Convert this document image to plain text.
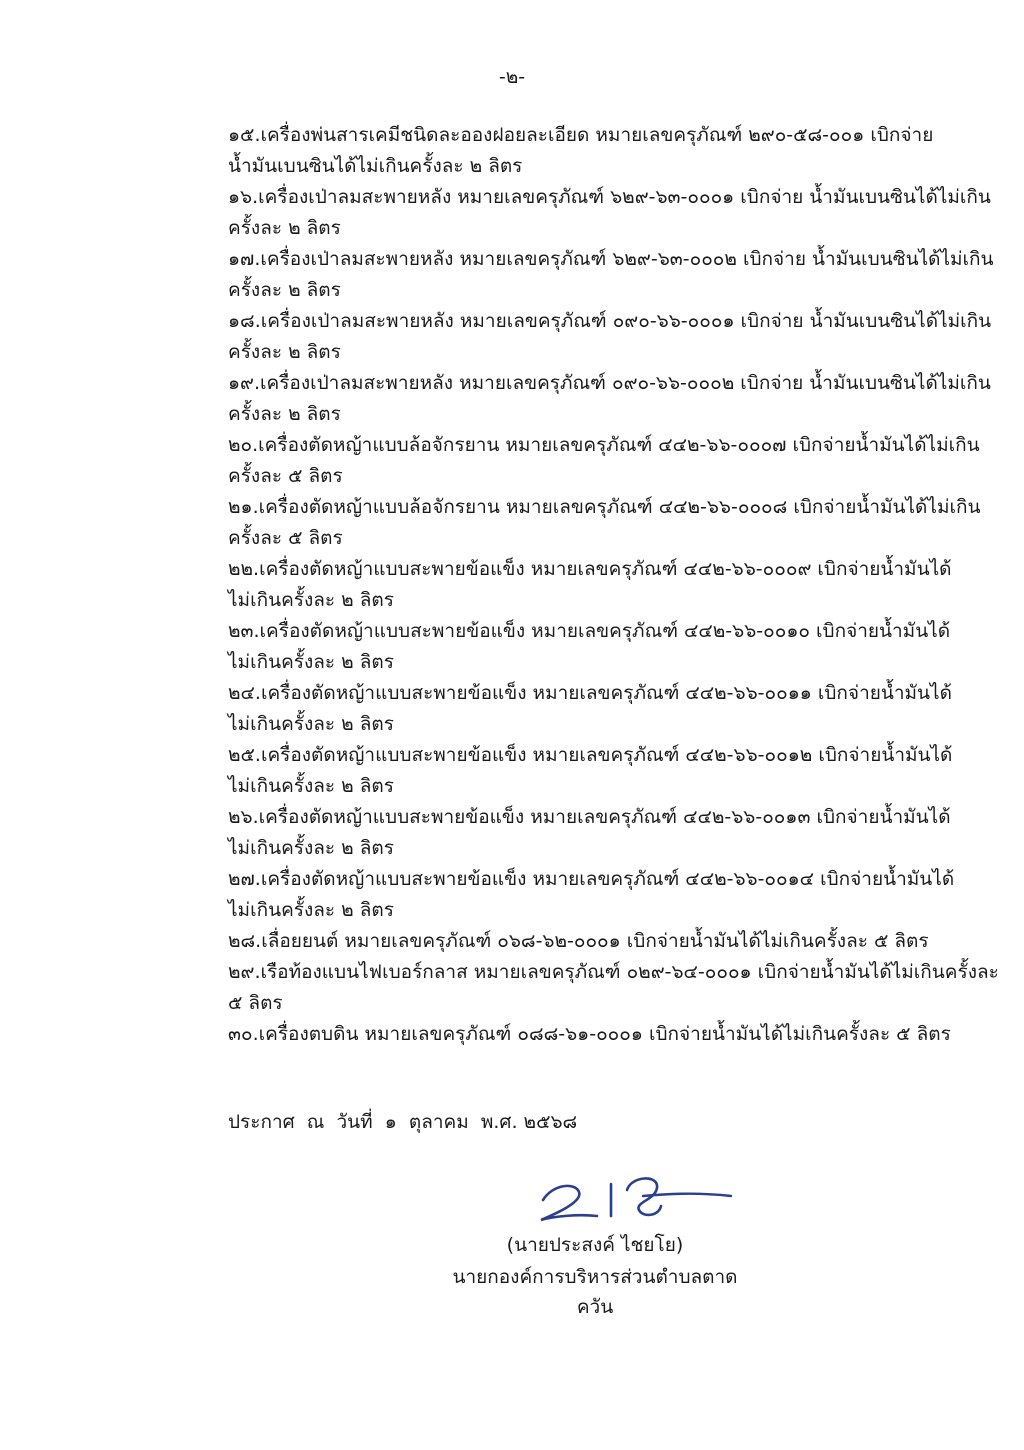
-๒-
๑๕.เครื่องพ่นสารเคมีชนิดละอองฝอยละเอียด หมายเลขครุภัณฑ์ ๒๙๐-๕๘-๐๐๑ เบิกจ่าย
น้ำมันเบนซินได้ไม่เกินครั้งละ ๒ ลิตร
๑๖.เครื่องเป่าลมสะพายหลัง หมายเลขครุภัณฑ์ ๖๒๙-๖๓-๐๐๐๑ เบิกจ่าย น้ำมันเบนซินได้ไม่เกิน
ครั้งละ ๒ ลิตร
๑๗.เครื่องเป่าลมสะพายหลัง หมายเลขครุภัณฑ์ ๖๒๙-๖๓-๐๐๐๒ เบิกจ่าย น้ำมันเบนซินได้ไม่เกิน
ครั้งละ ๒ ลิตร
๑๘.เครื่องเป่าลมสะพายหลัง หมายเลขครุภัณฑ์ ๐๙๐-๖๖-๐๐๐๑ เบิกจ่าย น้ำมันเบนซินได้ไม่เกิน
ครั้งละ ๒ ลิตร
๑๙.เครื่องเป่าลมสะพายหลัง หมายเลขครุภัณฑ์ ๐๙๐-๖๖-๐๐๐๒ เบิกจ่าย น้ำมันเบนซินได้ไม่เกิน
ครั้งละ ๒ ลิตร
๒๐.เครื่องตัดหญ้าแบบล้อจักรยาน หมายเลขครุภัณฑ์ ๔๔๒-๖๖-๐๐๐๗ เบิกจ่ายน้ำมันได้ไม่เกิน
ครั้งละ ๕ ลิตร
๒๑.เครื่องตัดหญ้าแบบล้อจักรยาน หมายเลขครุภัณฑ์ ๔๔๒-๖๖-๐๐๐๘ เบิกจ่ายน้ำมันได้ไม่เกิน
ครั้งละ ๕ ลิตร
๒๒.เครื่องตัดหญ้าแบบสะพายข้อแข็ง หมายเลขครุภัณฑ์ ๔๔๒-๖๖-๐๐๐๙ เบิกจ่ายน้ำมันได้
ไม่เกินครั้งละ ๒ ลิตร
๒๓.เครื่องตัดหญ้าแบบสะพายข้อแข็ง หมายเลขครุภัณฑ์ ๔๔๒-๖๖-๐๐๑๐ เบิกจ่ายน้ำมันได้
ไม่เกินครั้งละ ๒ ลิตร
๒๔.เครื่องตัดหญ้าแบบสะพายข้อแข็ง หมายเลขครุภัณฑ์ ๔๔๒-๖๖-๐๐๑๑ เบิกจ่ายน้ำมันได้
ไม่เกินครั้งละ ๒ ลิตร
๒๕.เครื่องตัดหญ้าแบบสะพายข้อแข็ง หมายเลขครุภัณฑ์ ๔๔๒-๖๖-๐๐๑๒ เบิกจ่ายน้ำมันได้
ไม่เกินครั้งละ ๒ ลิตร
๒๖.เครื่องตัดหญ้าแบบสะพายข้อแข็ง หมายเลขครุภัณฑ์ ๔๔๒-๖๖-๐๐๑๓ เบิกจ่ายน้ำมันได้
ไม่เกินครั้งละ ๒ ลิตร
๒๗.เครื่องตัดหญ้าแบบสะพายข้อแข็ง หมายเลขครุภัณฑ์ ๔๔๒-๖๖-๐๐๑๔ เบิกจ่ายน้ำมันได้
ไม่เกินครั้งละ ๒ ลิตร
๒๘.เลื่อยยนต์ หมายเลขครุภัณฑ์ ๐๖๘-๖๒-๐๐๐๑ เบิกจ่ายน้ำมันได้ไม่เกินครั้งละ ๕ ลิตร
๒๙.เรือท้องแบนไฟเบอร์กลาส หมายเลขครุภัณฑ์ ๐๒๙-๖๔-๐๐๐๑ เบิกจ่ายน้ำมันได้ไม่เกินครั้งละ
๕ ลิตร
๓๐.เครื่องตบดิน หมายเลขครุภัณฑ์ ๐๘๘-๖๑-๐๐๐๑ เบิกจ่ายน้ำมันได้ไม่เกินครั้งละ ๕ ลิตร
ประกาศ  ณ  วันที่  ๑  ตุลาคม  พ.ศ. ๒๕๖๘
(นายประสงค์ ไชยโย)
นายกองค์การบริหารส่วนตำบลตาดควัน
